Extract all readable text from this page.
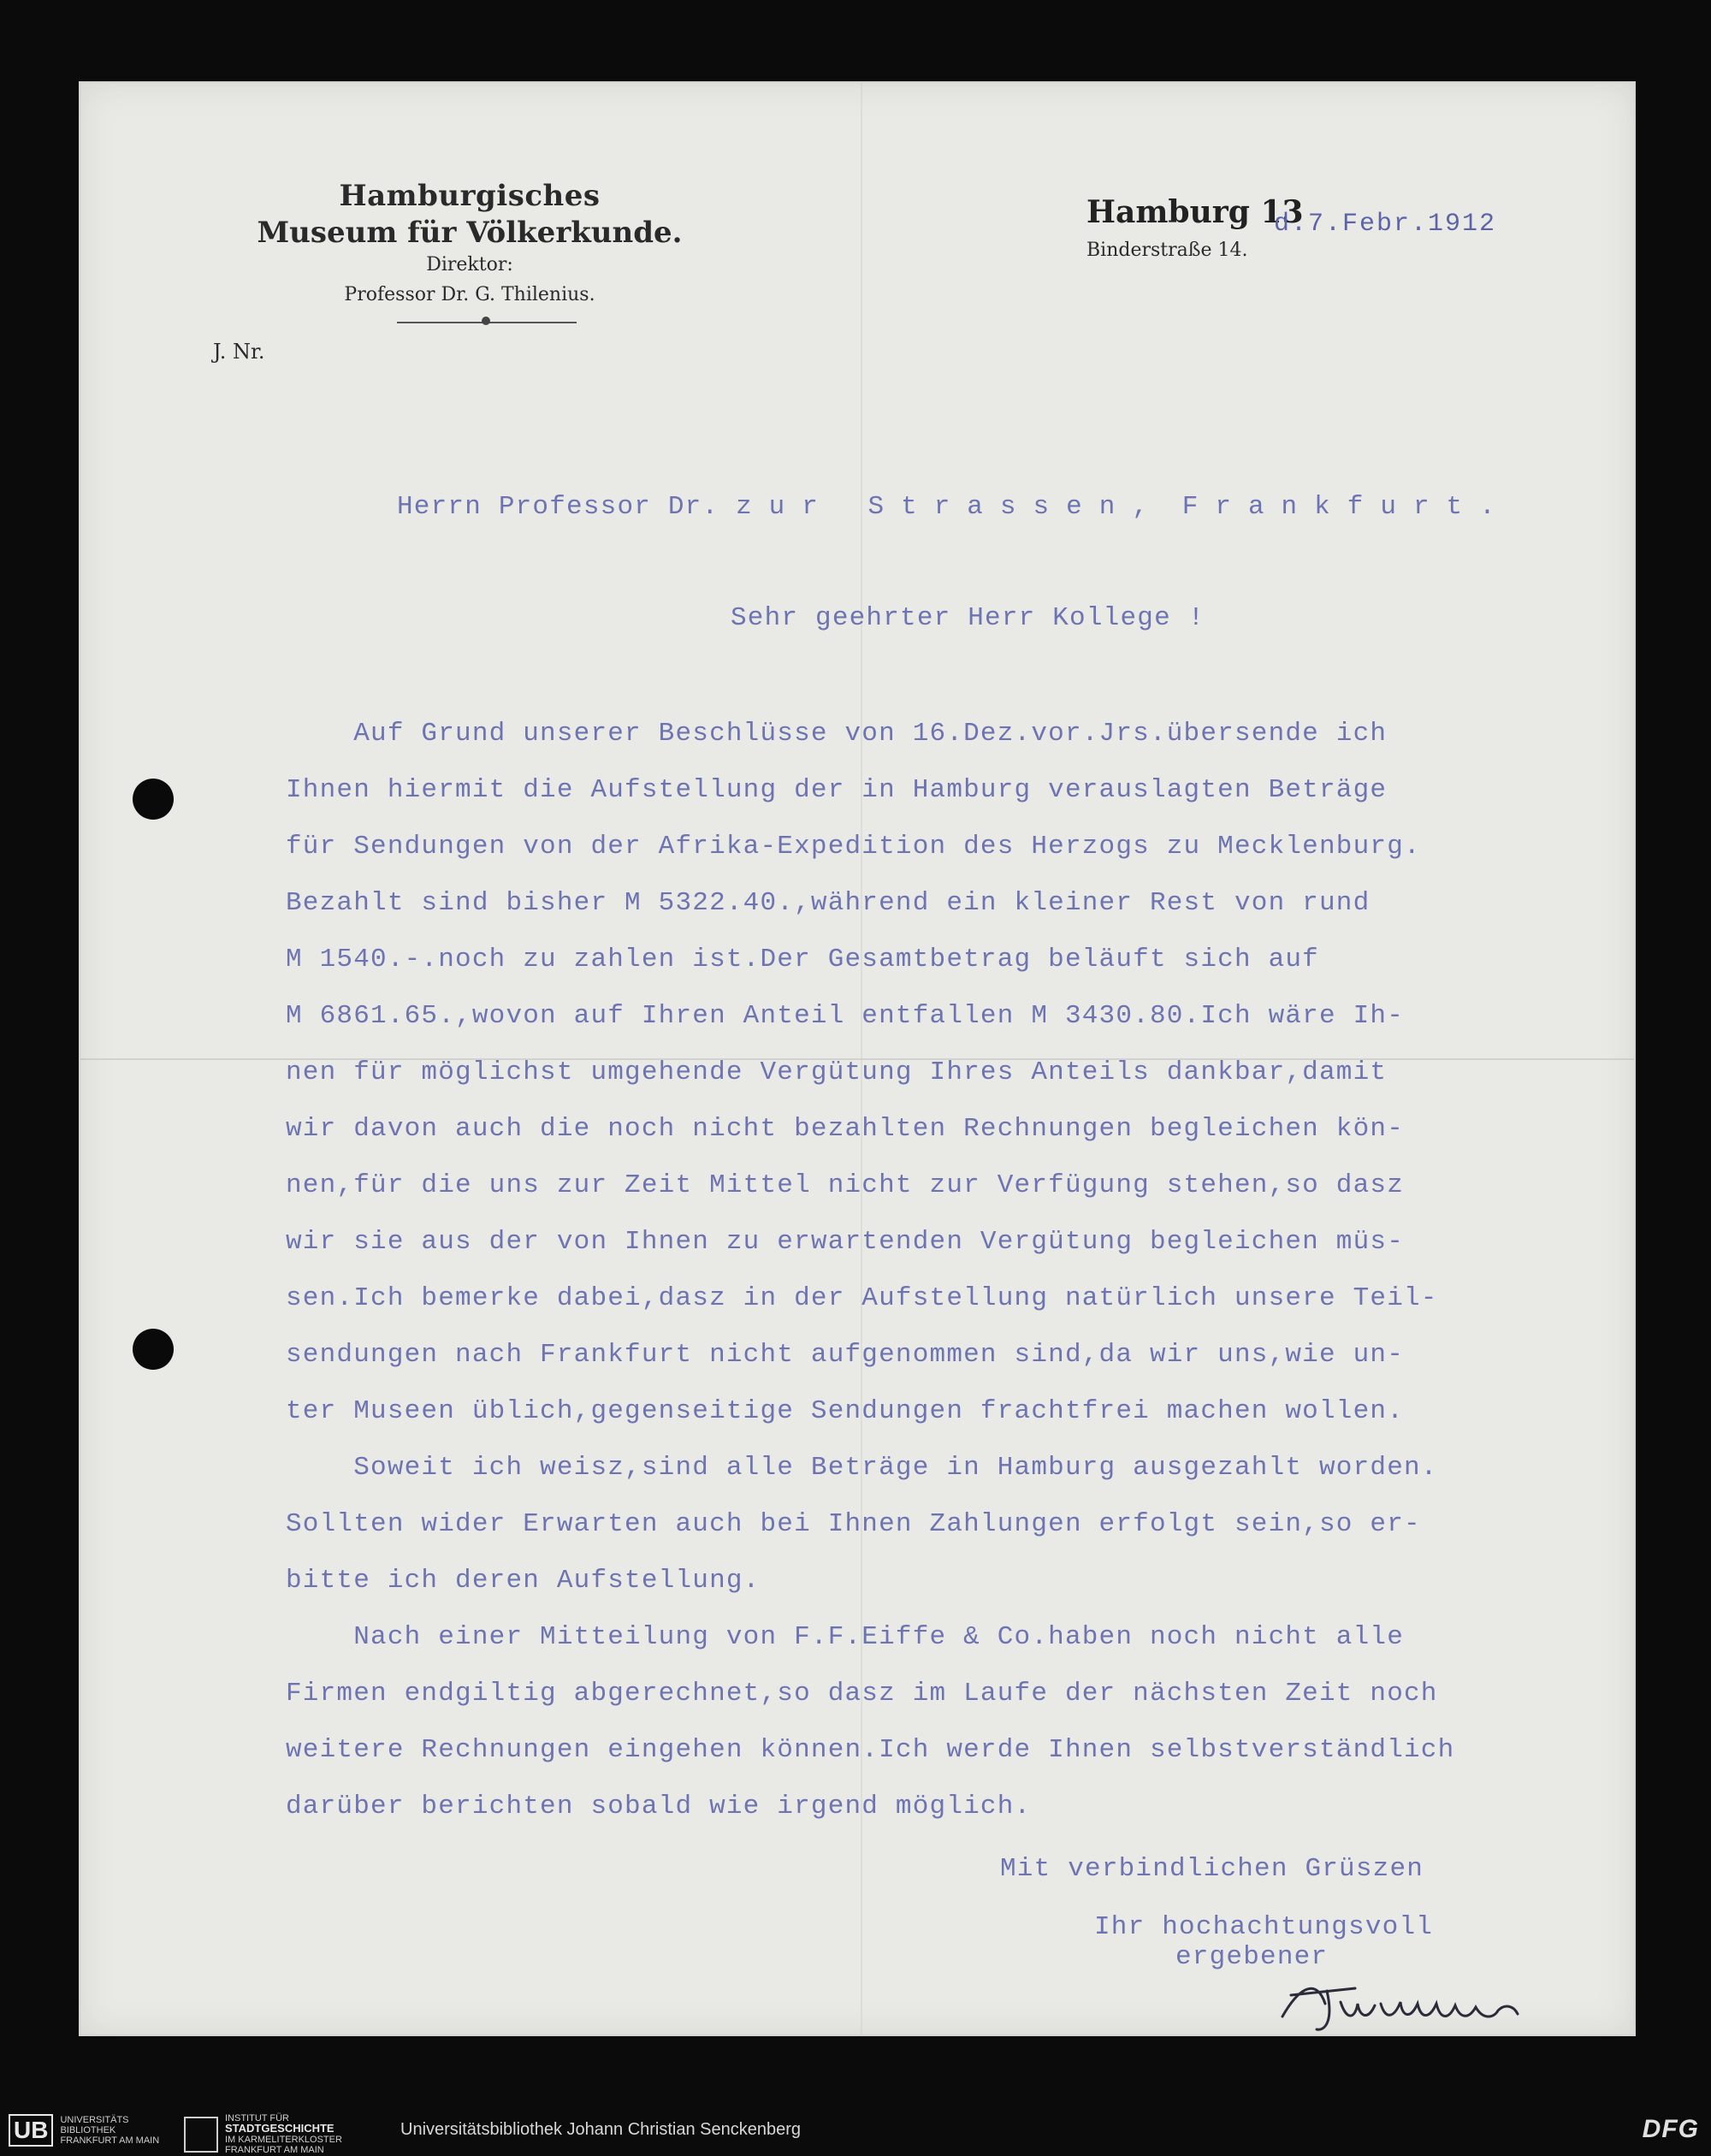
Hamburgisches
Museum für Völkerkunde.
Direktor:
Professor Dr. G. Thilenius.
J. Nr.
Hamburg 13
d.7.Febr.1912
Binderstraße 14.
Herrn Professor Dr. zur Strassen, Frankfurt.
Sehr geehrter Herr Kollege !
Auf Grund unserer Beschlüsse von 16.Dez.vor.Jrs.übersende ich
Ihnen hiermit die Aufstellung der in Hamburg verauslagten Beträge
für Sendungen von der Afrika-Expedition des Herzogs zu Mecklenburg.
Bezahlt sind bisher M 5322.40.,während ein kleiner Rest von rund
M 1540.-.noch zu zahlen ist.Der Gesamtbetrag beläuft sich auf
M 6861.65.,wovon auf Ihren Anteil entfallen M 3430.80.Ich wäre Ih-
nen für möglichst umgehende Vergütung Ihres Anteils dankbar,damit
wir davon auch die noch nicht bezahlten Rechnungen begleichen kön-
nen,für die uns zur Zeit Mittel nicht zur Verfügung stehen,so dasz
wir sie aus der von Ihnen zu erwartenden Vergütung begleichen müs-
sen.Ich bemerke dabei,dasz in der Aufstellung natürlich unsere Teil-
sendungen nach Frankfurt nicht aufgenommen sind,da wir uns,wie un-
ter Museen üblich,gegenseitige Sendungen frachtfrei machen wollen.
Soweit ich weisz,sind alle Beträge in Hamburg ausgezahlt worden.
Sollten wider Erwarten auch bei Ihnen Zahlungen erfolgt sein,so er-
bitte ich deren Aufstellung.
Nach einer Mitteilung von F.F.Eiffe & Co.haben noch nicht alle
Firmen endgiltig abgerechnet,so dasz im Laufe der nächsten Zeit noch
weitere Rechnungen eingehen können.Ich werde Ihnen selbstverständlich
darüber berichten sobald wie irgend möglich.
Mit verbindlichen Grüszen
Ihr hochachtungsvoll
ergebener
UB	UNIVERSITÄTS
BIBLIOTHEK
FRANKFURT AM MAIN
INSTITUT FÜR
STADTGESCHICHTE
IM KARMELITERKLOSTER
FRANKFURT AM MAIN
Universitätsbibliothek Johann Christian Senckenberg	DFG
